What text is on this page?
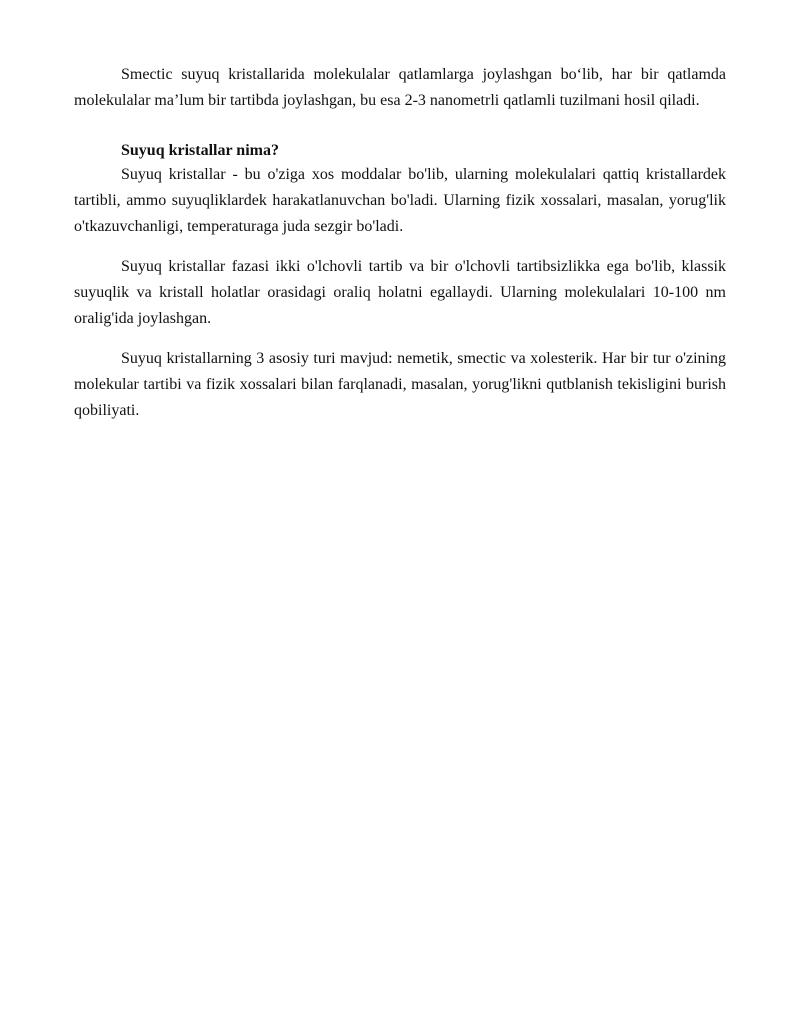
Smectic suyuq kristallarida molekulalar qatlamlarga joylashgan bo‘lib, har bir qatlamda molekulalar ma’lum bir tartibda joylashgan, bu esa 2-3 nanometrli qatlamli tuzilmani hosil qiladi.

Suyuq kristallar nima?

Suyuq kristallar - bu o'ziga xos moddalar bo'lib, ularning molekulalari qattiq kristallardek tartibli, ammo suyuqliklardek harakatlanuvchan bo'ladi. Ularning fizik xossalari, masalan, yorug'lik o'tkazuvchanligi, temperaturaga juda sezgir bo'ladi.

Suyuq kristallar fazasi ikki o'lchovli tartib va bir o'lchovli tartibsizlikka ega bo'lib, klassik suyuqlik va kristall holatlar orasidagi oraliq holatni egallaydi. Ularning molekulalari 10-100 nm oralig'ida joylashgan.

Suyuq kristallarning 3 asosiy turi mavjud: nemetik, smectic va xolesterik. Har bir tur o'zining molekular tartibi va fizik xossalari bilan farqlanadi, masalan, yorug'likni qutblanish tekisligini burish qobiliyati.
